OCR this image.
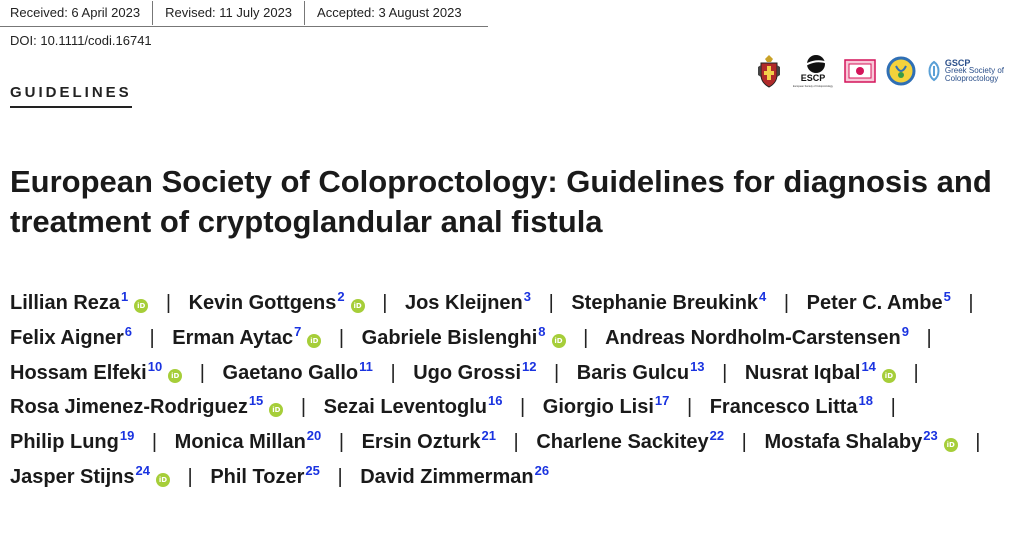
Received: 6 April 2023	Revised: 11 July 2023	Accepted: 3 August 2023
DOI: 10.1111/codi.16741
GUIDELINES
ESCP
European Society of Coloproctology
GSCP
Greek Society of
Coloproctology
European Society of Coloproctology: Guidelines for diagnosis and treatment of cryptoglandular anal fistula
Lillian Reza$^1$iD | Kevin Gottgens$^2$iD | Jos Kleijnen$^3$ | Stephanie Breukink$^4$ | Peter C. Ambe$^5$ | Felix Aigner$^6$ | Erman Aytac$^7$iD | Gabriele Bislenghi$^8$iD | Andreas Nordholm-Carstensen$^9$ | Hossam Elfeki$^{10}$iD | Gaetano Gallo$^{11}$ | Ugo Grossi$^{12}$ | Baris Gulcu$^{13}$ | Nusrat Iqbal$^{14}$iD | Rosa Jimenez-Rodriguez$^{15}$iD | Sezai Leventoglu$^{16}$ | Giorgio Lisi$^{17}$ | Francesco Litta$^{18}$ | Philip Lung$^{19}$ | Monica Millan$^{20}$ | Ersin Ozturk$^{21}$ | Charlene Sackitey$^{22}$ | Mostafa Shalaby$^{23}$iD | Jasper Stijns$^{24}$iD | Phil Tozer$^{25}$ | David Zimmerman$^{26}$
